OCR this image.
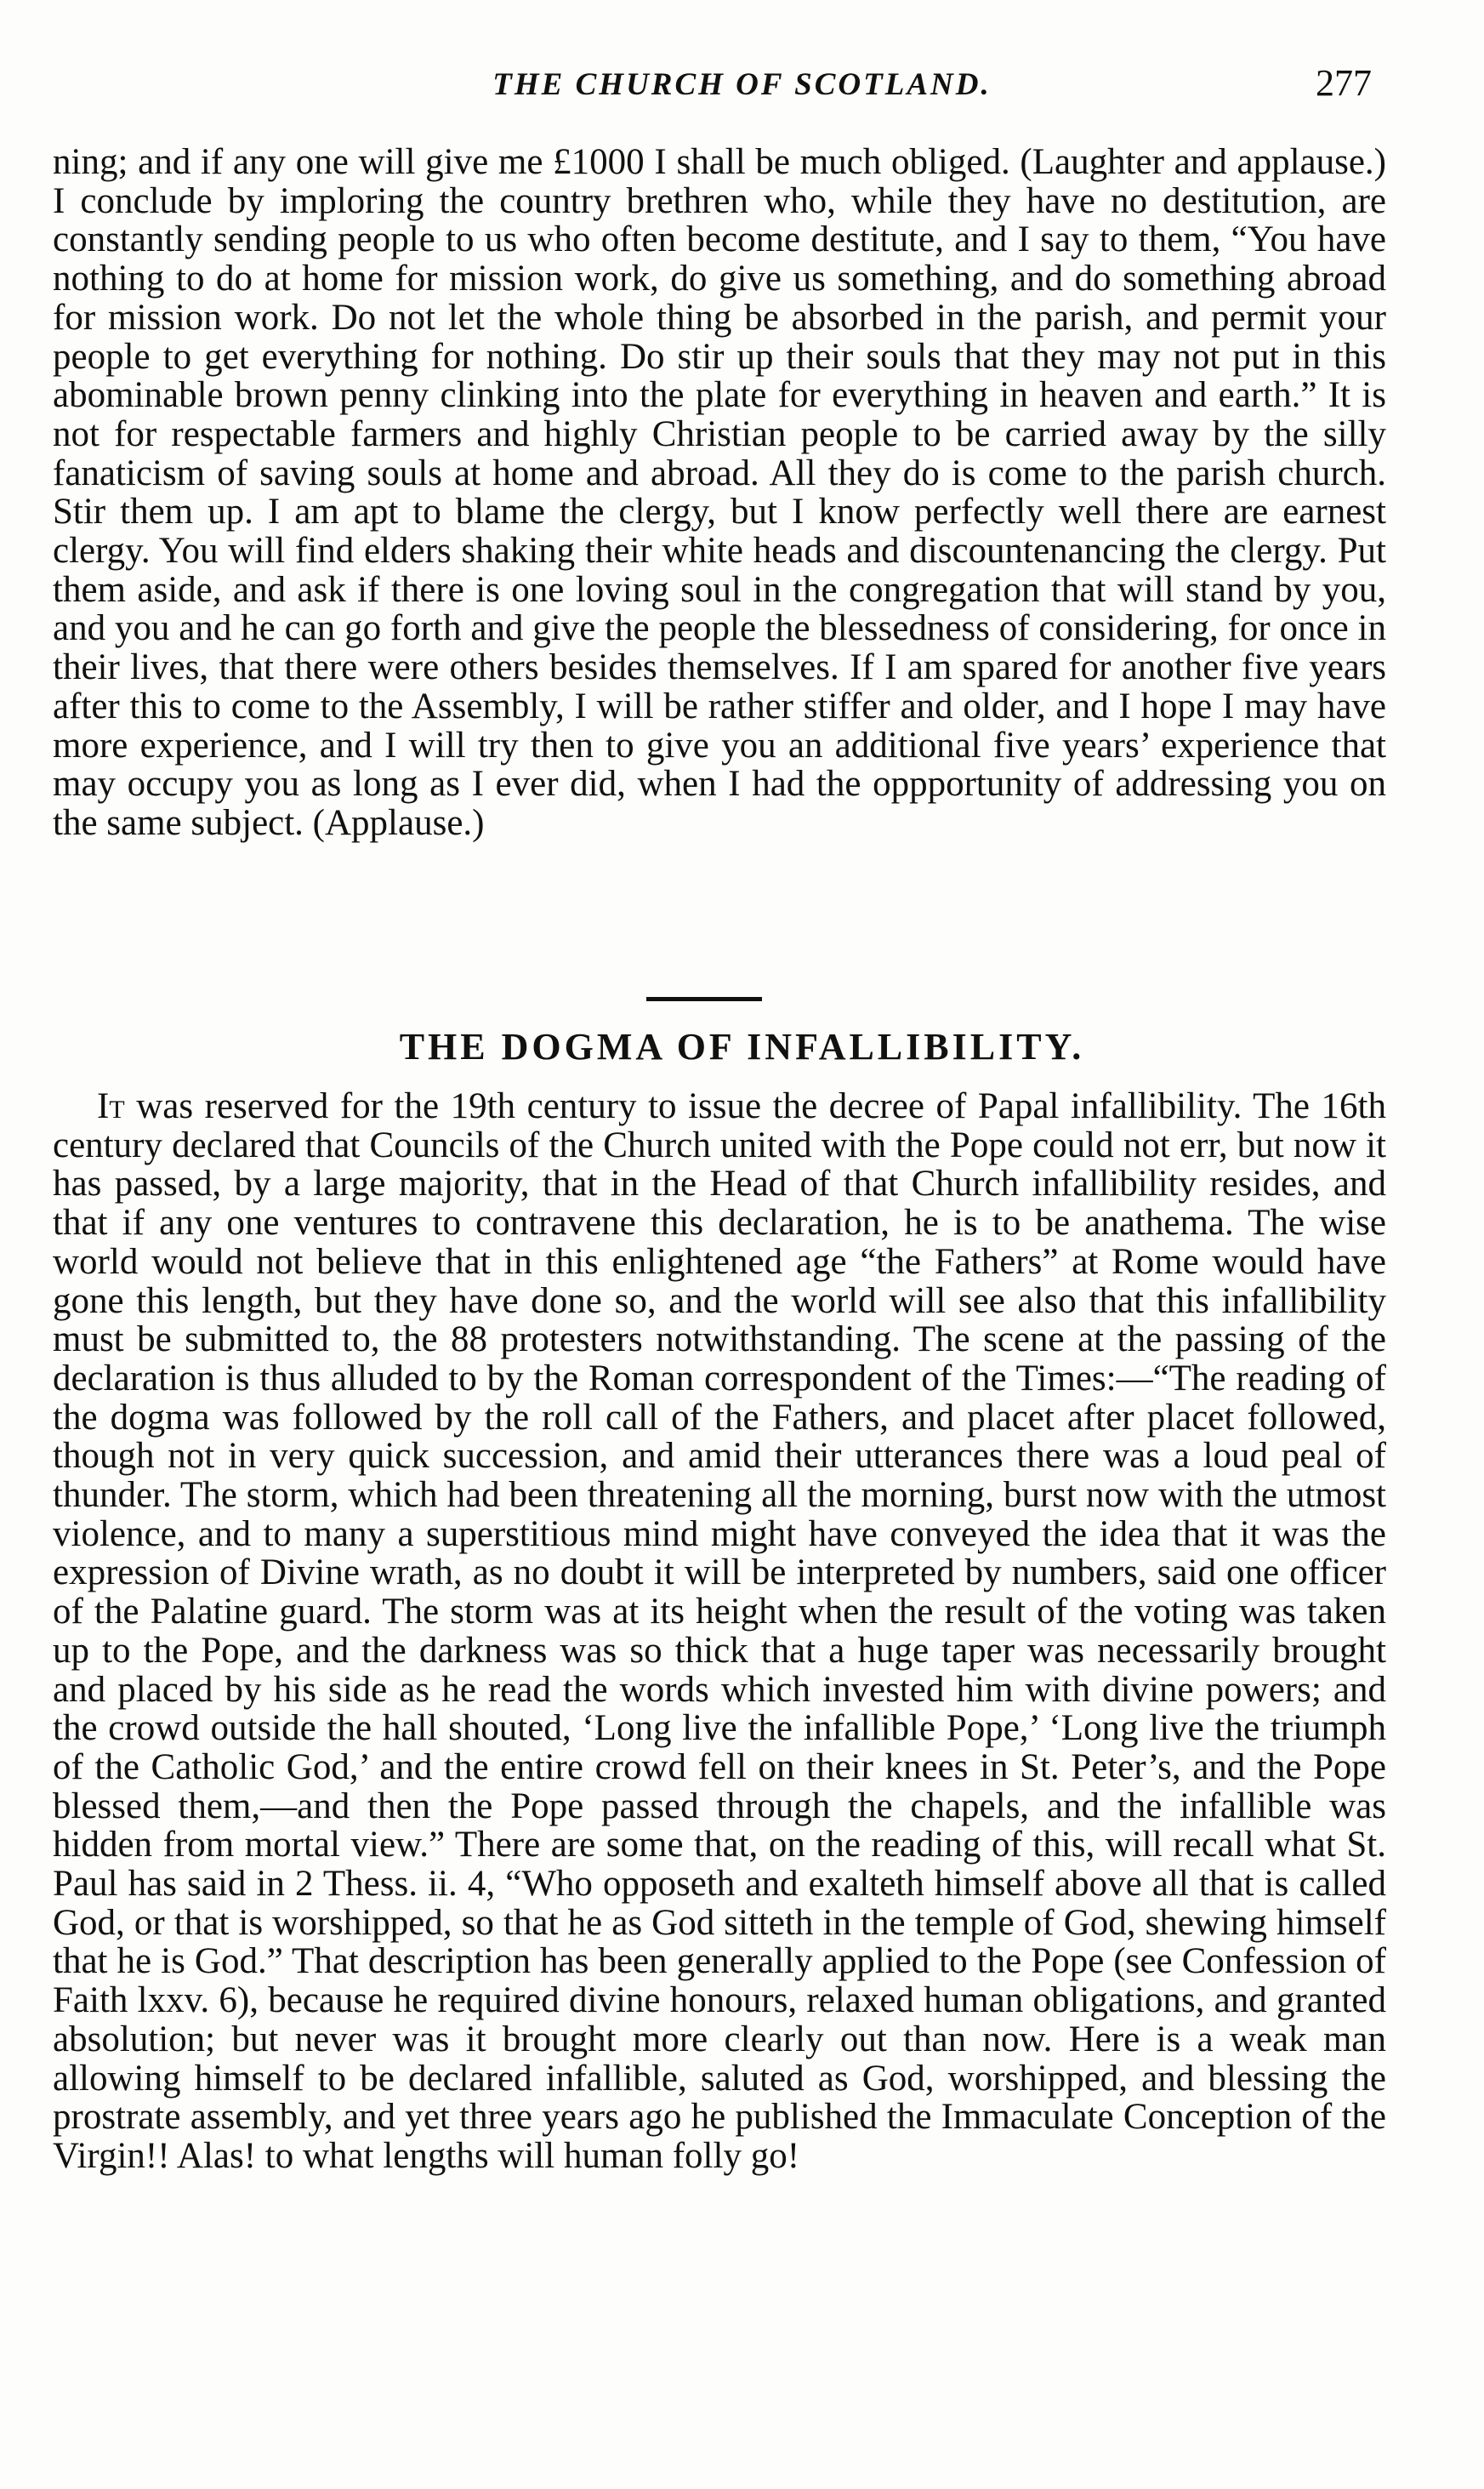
THE CHURCH OF SCOTLAND.	277

ning; and if any one will give me £1000 I shall be much obliged. (Laughter and applause.) I conclude by imploring the country brethren who, while they have no destitution, are constantly sending people to us who often become destitute, and I say to them, “You have nothing to do at home for mission work, do give us something, and do something abroad for mission work. Do not let the whole thing be absorbed in the parish, and permit your people to get everything for nothing. Do stir up their souls that they may not put in this abominable brown penny clinking into the plate for everything in heaven and earth.” It is not for respectable farmers and highly Christian people to be carried away by the silly fanaticism of saving souls at home and abroad. All they do is come to the parish church. Stir them up. I am apt to blame the clergy, but I know perfectly well there are earnest clergy. You will find elders shaking their white heads and discountenancing the clergy. Put them aside, and ask if there is one loving soul in the congregation that will stand by you, and you and he can go forth and give the people the blessedness of considering, for once in their lives, that there were others besides themselves. If I am spared for another five years after this to come to the Assembly, I will be rather stiffer and older, and I hope I may have more experience, and I will try then to give you an additional five years’ experience that may occupy you as long as I ever did, when I had the oppportunity of addressing you on the same subject. (Applause.)

THE DOGMA OF INFALLIBILITY.

It was reserved for the 19th century to issue the decree of Papal infallibility. The 16th century declared that Councils of the Church united with the Pope could not err, but now it has passed, by a large majority, that in the Head of that Church infallibility resides, and that if any one ventures to contravene this declaration, he is to be anathema. The wise world would not believe that in this enlightened age “the Fathers” at Rome would have gone this length, but they have done so, and the world will see also that this infallibility must be submitted to, the 88 protesters notwithstanding. The scene at the passing of the declaration is thus alluded to by the Roman correspondent of the Times:—“The reading of the dogma was followed by the roll call of the Fathers, and placet after placet followed, though not in very quick succession, and amid their utterances there was a loud peal of thunder. The storm, which had been threatening all the morning, burst now with the utmost violence, and to many a superstitious mind might have conveyed the idea that it was the expression of Divine wrath, as no doubt it will be interpreted by numbers, said one officer of the Palatine guard. The storm was at its height when the result of the voting was taken up to the Pope, and the darkness was so thick that a huge taper was necessarily brought and placed by his side as he read the words which invested him with divine powers; and the crowd outside the hall shouted, ‘Long live the infallible Pope,’ ‘Long live the triumph of the Catholic God,’ and the entire crowd fell on their knees in St. Peter’s, and the Pope blessed them,—and then the Pope passed through the chapels, and the infallible was hidden from mortal view.” There are some that, on the reading of this, will recall what St. Paul has said in 2 Thess. ii. 4, “Who opposeth and exalteth himself above all that is called God, or that is worshipped, so that he as God sitteth in the temple of God, shewing himself that he is God.” That description has been generally applied to the Pope (see Confession of Faith lxxv. 6), because he required divine honours, relaxed human obligations, and granted absolution; but never was it brought more clearly out than now. Here is a weak man allowing himself to be declared infallible, saluted as God, worshipped, and blessing the prostrate assembly, and yet three years ago he published the Immaculate Conception of the Virgin!! Alas! to what lengths will human folly go!
